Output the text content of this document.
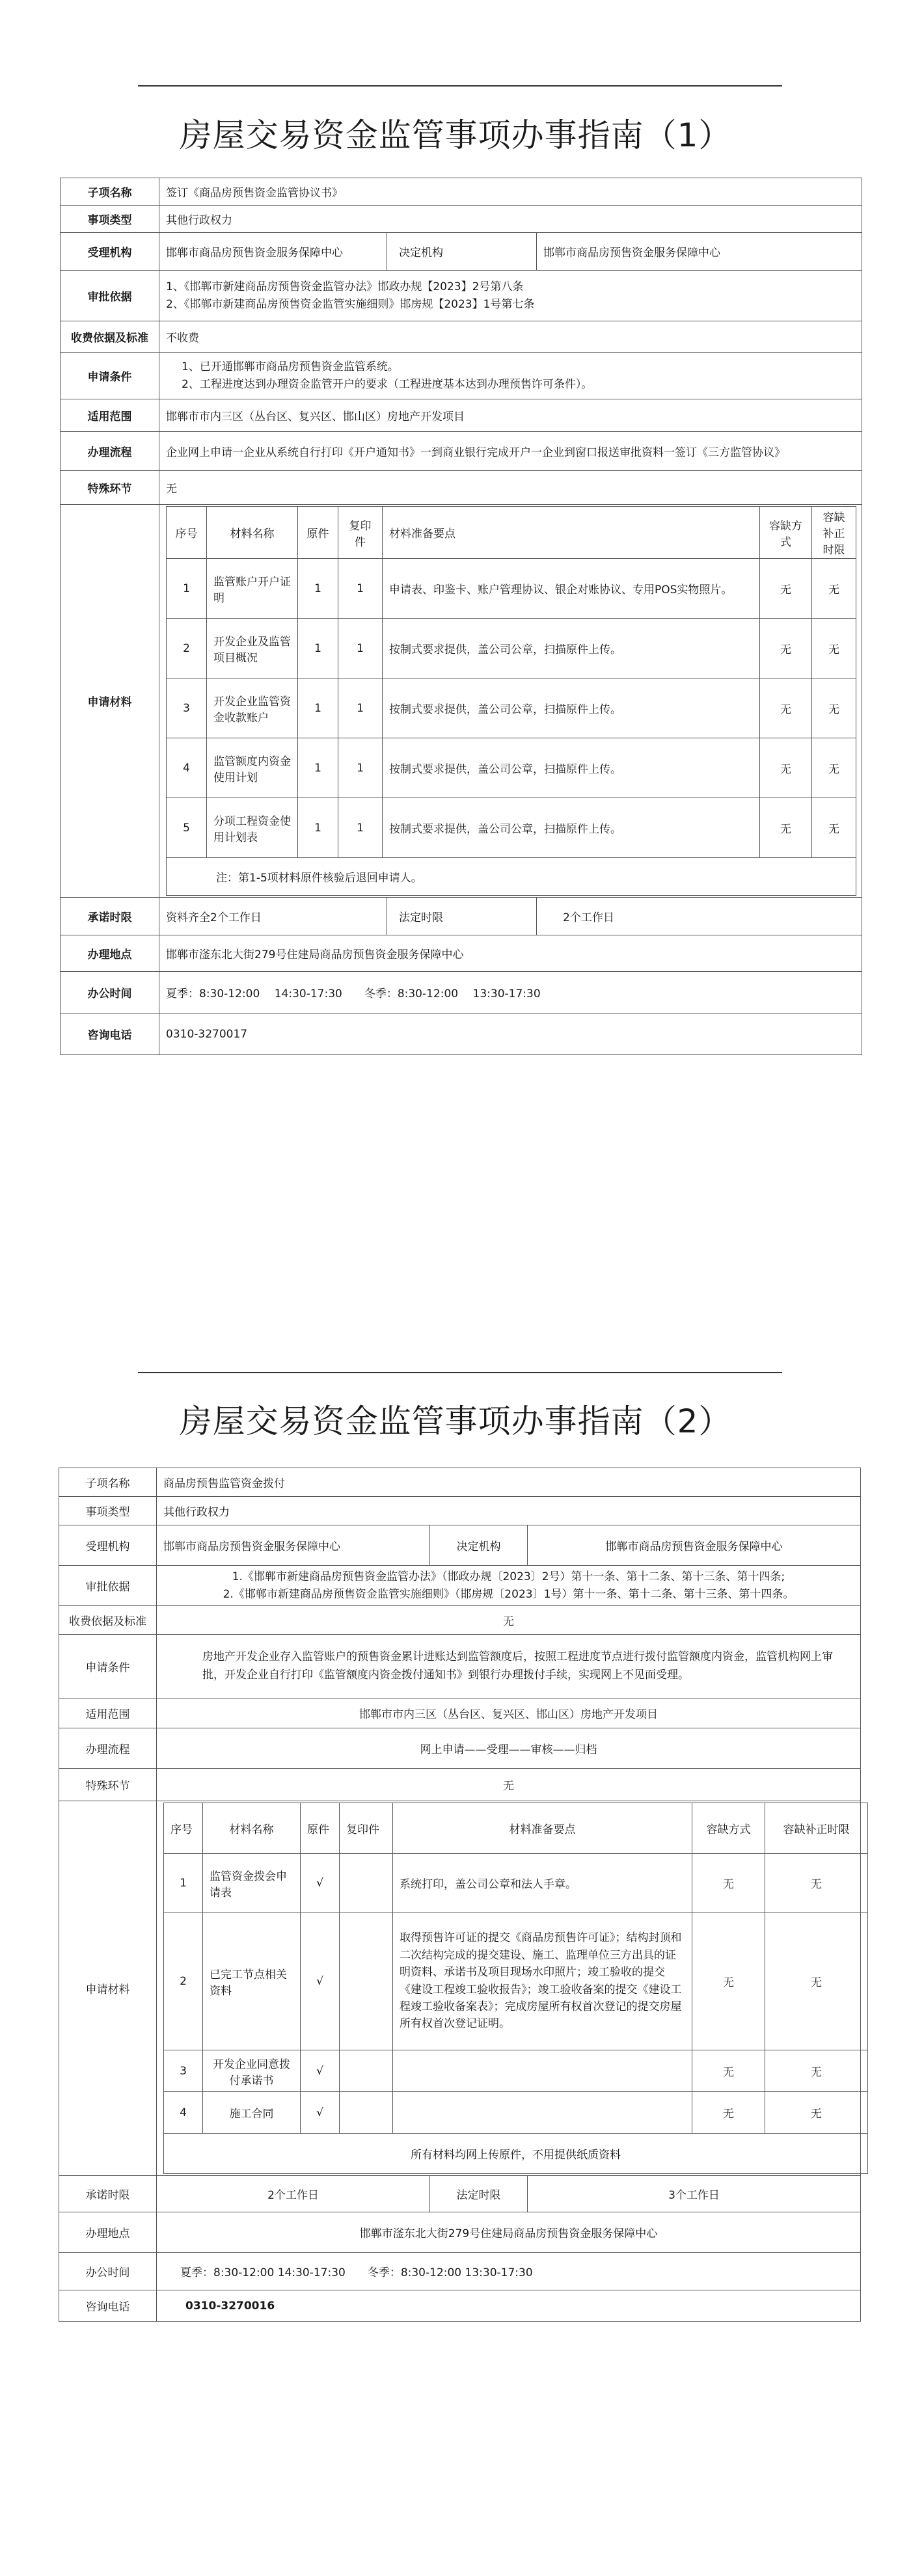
房屋交易资金监管事项办事指南（1）
子项名称	签订《商品房预售资金监管协议书》
事项类型	其他行政权力
受理机构	邯郸市商品房预售资金服务保障中心	决定机构	邯郸市商品房预售资金服务保障中心
审批依据	
1、《邯郸市新建商品房预售资金监管办法》邯政办规【2023】2号第八条
2、《邯郸市新建商品房预售资金监管实施细则》邯房规【2023】1号第七条

收费依据及标准	不收费
申请条件	
1、已开通邯郸市商品房预售资金监管系统。
2、工程进度达到办理资金监管开户的要求（工程进度基本达到办理预售许可条件）。

适用范围	邯郸市市内三区（丛台区、复兴区、邯山区）房地产开发项目
办理流程	企业网上申请一企业从系统自行打印《开户通知书》一到商业银行完成开户一企业到窗口报送审批资料一签订《三方监管协议》
特殊环节	无
申请材料	
序号	材料名称	原件	复印件	材料准备要点	容缺方式	容缺补正时限
1	监管账户开户证明	1	1	申请表、印鉴卡、账户管理协议、银企对账协议、专用POS实物照片。	无	无
2	开发企业及监管项目概况	1	1	按制式要求提供，盖公司公章，扫描原件上传。	无	无
3	开发企业监管资金收款账户	1	1	按制式要求提供，盖公司公章，扫描原件上传。	无	无
4	监管额度内资金使用计划	1	1	按制式要求提供，盖公司公章，扫描原件上传。	无	无
5	分项工程资金使用计划表	1	1	按制式要求提供，盖公司公章，扫描原件上传。	无	无
注：第1-5项材料原件核验后退回申请人。

承诺时限	资料齐全2个工作日	法定时限	2个工作日
办理地点	邯郸市滏东北大街279号住建局商品房预售资金服务保障中心
办公时间	夏季：8:30-12:00　 14:30-17:30　　冬季：8:30-12:00　 13:30-17:30
咨询电话	0310-3270017
房屋交易资金监管事项办事指南（2）
子项名称	商品房预售监管资金拨付
事项类型	其他行政权力
受理机构	邯郸市商品房预售资金服务保障中心	决定机构	邯郸市商品房预售资金服务保障中心
审批依据	
1.《邯郸市新建商品房预售资金监管办法》（邯政办规〔2023〕2号）第十一条、第十二条、第十三条、第十四条;
2.《邯郸市新建商品房预售资金监管实施细则》（邯房规〔2023〕1号）第十一条、第十二条、第十三条、第十四条。

收费依据及标准	无
申请条件	房地产开发企业存入监管账户的预售资金累计进账达到监管额度后，按照工程进度节点进行拨付监管额度内资金，监管机构网上审批，开发企业自行打印《监管额度内资金拨付通知书》到银行办理拨付手续，实现网上不见面受理。
适用范围	邯郸市市内三区（丛台区、复兴区、邯山区）房地产开发项目
办理流程	网上申请——受理——审核——归档
特殊环节	无
申请材料	
序号	材料名称	原件	复印件	材料准备要点	容缺方式	容缺补正时限
1	监管资金拨会申请表	√		系统打印，盖公司公章和法人手章。	无	无
2	已完工节点相关资料	√		取得预售许可证的提交《商品房预售许可证》；结构封顶和二次结构完成的提交建设、施工、监理单位三方出具的证明资料、承诺书及项目现场水印照片；竣工验收的提交《建设工程竣工验收报告》；竣工验收备案的提交《建设工程竣工验收备案表》；完成房屋所有权首次登记的提交房屋所有权首次登记证明。	无	无
3	开发企业同意拨付承诺书	√			无	无
4	施工合同	√			无	无
所有材料均网上传原件，不用提供纸质资料

承诺时限	2个工作日	法定时限	3个工作日
办理地点	邯郸市滏东北大街279号住建局商品房预售资金服务保障中心
办公时间	夏季：8:30-12:00 14:30-17:30　　冬季：8:30-12:00 13:30-17:30
咨询电话	0310-3270016
